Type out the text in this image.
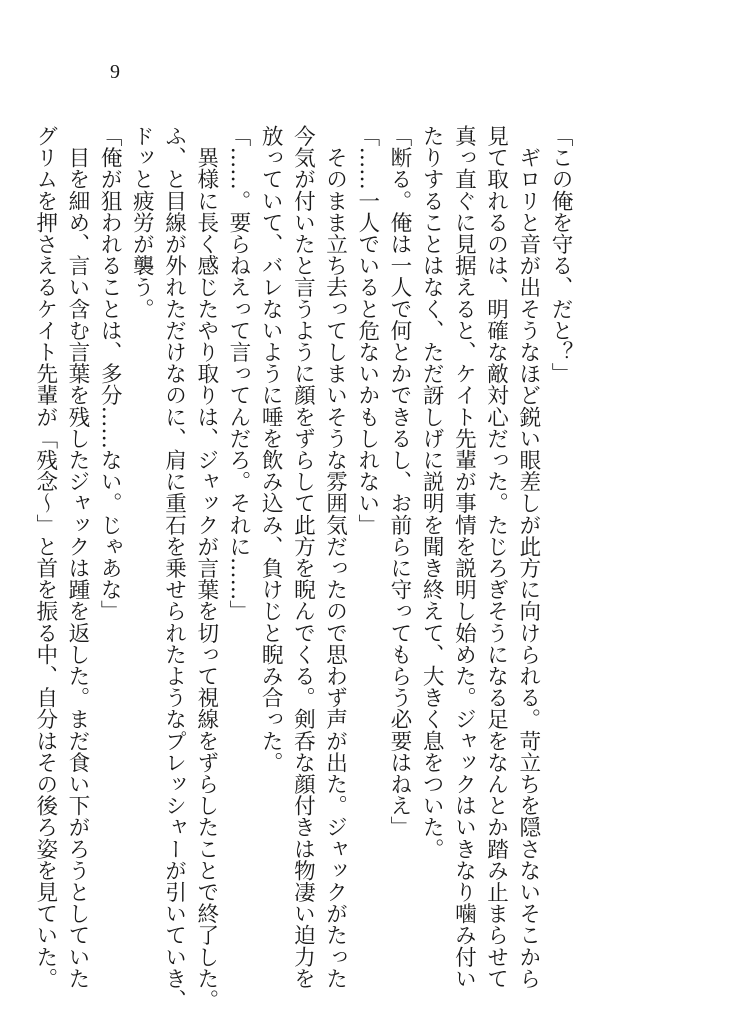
9
「この俺を守る、だと？」
　ギロリと音が出そうなほど鋭い眼差しが此方に向けられる。苛立ちを隠さないそこから
見て取れるのは、明確な敵対心だった。たじろぎそうになる足をなんとか踏み止まらせて
真っ直ぐに見据えると、ケイト先輩が事情を説明し始めた。ジャックはいきなり噛み付い
たりすることはなく、ただ訝しげに説明を聞き終えて、大きく息をついた。
「断る。俺は一人で何とかできるし、お前らに守ってもらう必要はねえ」
「……一人でいると危ないかもしれない」
　そのまま立ち去ってしまいそうな雰囲気だったので思わず声が出た。ジャックがたった
今気が付いたと言うように顔をずらして此方を睨んでくる。剣呑な顔付きは物凄い迫力を
放っていて、バレないように唾を飲み込み、負けじと睨み合った。
「……。要らねえって言ってんだろ。それに……」
　異様に長く感じたやり取りは、ジャックが言葉を切って視線をずらしたことで終了した。
ふ、と目線が外れただけなのに、肩に重石を乗せられたようなプレッシャーが引いていき、
ドッと疲労が襲う。
「俺が狙われることは、多分……ない。じゃあな」
　目を細め、言い含む言葉を残したジャックは踵を返した。まだ食い下がろうとしていた
グリムを押さえるケイト先輩が「残念〜」と首を振る中、自分はその後ろ姿を見ていた。
